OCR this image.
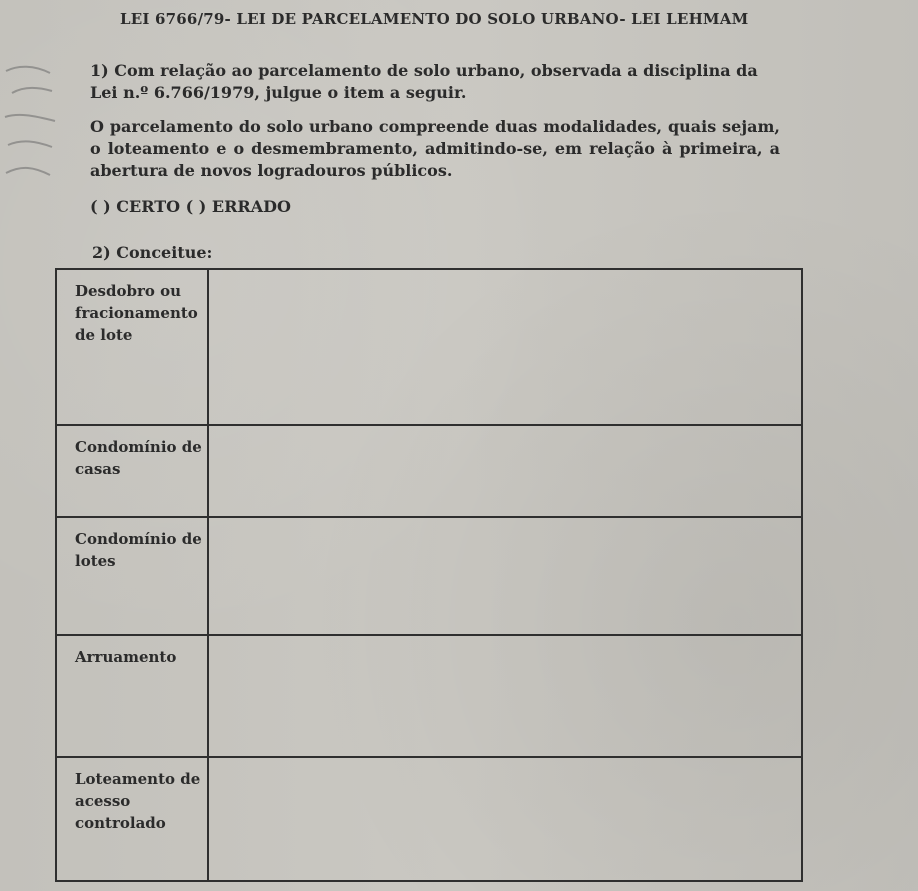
LEI 6766/79- LEI DE PARCELAMENTO DO SOLO URBANO- LEI LEHMAM

1) Com relação ao parcelamento de solo urbano, observada a disciplina da Lei n.º 6.766/1979, julgue o item a seguir.

O parcelamento do solo urbano compreende duas modalidades, quais sejam, o loteamento e o desmembramento, admitindo-se, em relação à primeira, a abertura de novos logradouros públicos.

( ) CERTO ( ) ERRADO
2) Conceitue:
Desdobro ou fracionamento de lote
Condomínio de casas
Condomínio de lotes
Arruamento
Loteamento de acesso controlado
